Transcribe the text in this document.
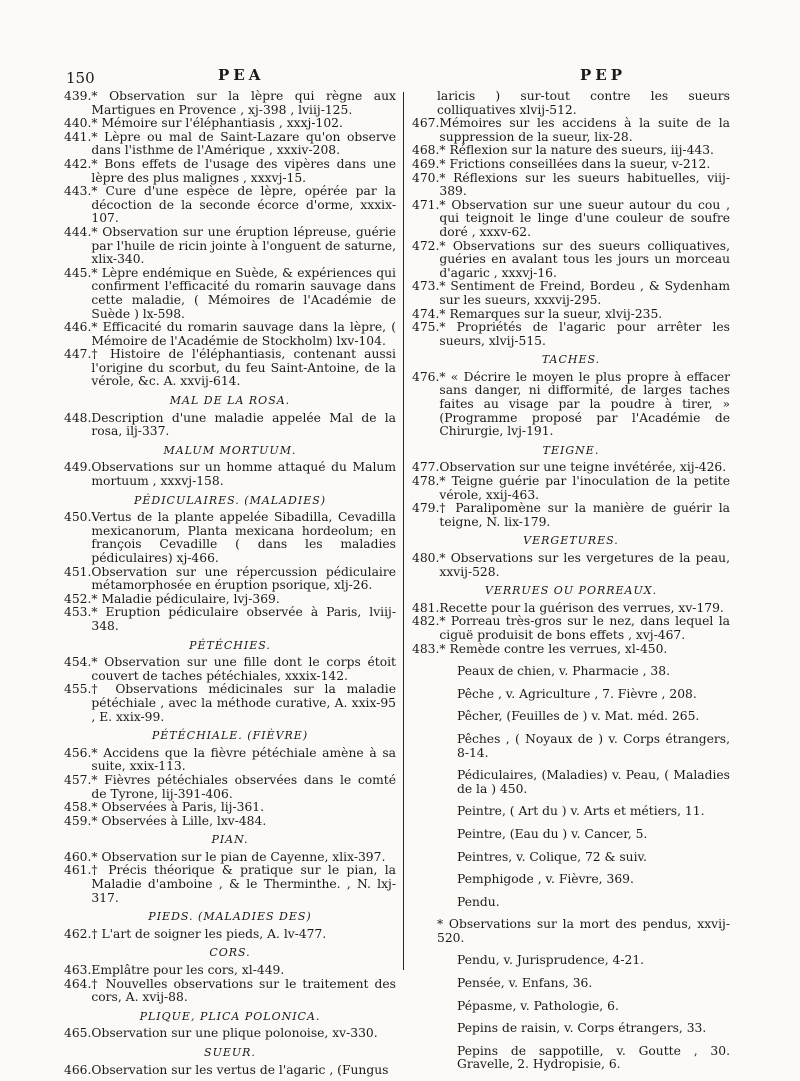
150	PEA	PEP
439. * Observation sur la lèpre qui règne aux Martigues en Provence , xj-398 , lviij-125.
440. * Mémoire sur l'éléphantiasis , xxxj-102.
441. * Lèpre ou mal de Saint-Lazare qu'on observe dans l'isthme de l'Amérique , xxxiv-208.
442. * Bons effets de l'usage des vipères dans une lèpre des plus malignes , xxxvj-15.
443. * Cure d'une espèce de lèpre, opérée par la décoction de la seconde écorce d'orme, xxxix-107.
444. * Observation sur une éruption lépreuse, guérie par l'huile de ricin jointe à l'onguent de saturne, xlix-340.
445. * Lèpre endémique en Suède, & expériences qui confirment l'efficacité du romarin sauvage dans cette maladie, ( Mémoires de l'Académie de Suède ) lx-598.
446. * Efficacité du romarin sauvage dans la lèpre, ( Mémoire de l'Académie de Stockholm) lxv-104.
447. † Histoire de l'éléphantiasis, contenant aussi l'origine du scorbut, du feu Saint-Antoine, de la vérole, &c. A. xxvij-614.
MAL DE LA ROSA.
448. Description d'une maladie appelée Mal de la rosa, ilj-337.
MALUM MORTUUM.
449. Observations sur un homme attaqué du Malum mortuum , xxxvj-158.
PÉDICULAIRES. (MALADIES)
450. Vertus de la plante appelée Sibadilla, Cevadilla mexicanorum, Planta mexicana hordeolum; en françois Cevadille ( dans les maladies pédiculaires) xj-466.
451. Observation sur une répercussion pédiculaire métamorphosée en éruption psorique, xlj-26.
452. * Maladie pédiculaire, lvj-369.
453. * Eruption pédiculaire observée à Paris, lviij-348.
PÉTÉCHIES.
454. * Observation sur une fille dont le corps étoit couvert de taches pétéchiales, xxxix-142.
455. † Observations médicinales sur la maladie pétéchiale , avec la méthode curative, A. xxix-95 , E. xxix-99.
PÉTÉCHIALE. (FIÈVRE)
456. * Accidens que la fièvre pétéchiale amène à sa suite, xxix-113.
457. * Fièvres pétéchiales observées dans le comté de Tyrone, lij-391-406.
458. * Observées à Paris, lij-361.
459. * Observées à Lille, lxv-484.
PIAN.
460. * Observation sur le pian de Cayenne, xlix-397.
461. † Précis théorique & pratique sur le pian, la Maladie d'amboine , & le Therminthe. , N. lxj-317.
PIEDS. (MALADIES DES)
462. † L'art de soigner les pieds, A. lv-477.
CORS.
463. Emplâtre pour les cors, xl-449.
464. † Nouvelles observations sur le traitement des cors, A. xvij-88.
PLIQUE, PLICA POLONICA.
465. Observation sur une plique polonoise, xv-330.
SUEUR.
466. Observation sur les vertus de l'agaric , (Fungus
laricis ) sur-tout contre les sueurs colliquatives xlvij-512.
467. Mémoires sur les accidens à la suite de la suppression de la sueur, lix-28.
468. * Réflexion sur la nature des sueurs, iij-443.
469. * Frictions conseillées dans la sueur, v-212.
470. * Réflexions sur les sueurs habituelles, viij-389.
471. * Observation sur une sueur autour du cou , qui teignoit le linge d'une couleur de soufre doré , xxxv-62.
472. * Observations sur des sueurs colliquatives, guéries en avalant tous les jours un morceau d'agaric , xxxvj-16.
473. * Sentiment de Freind, Bordeu , & Sydenham sur les sueurs, xxxvij-295.
474. * Remarques sur la sueur, xlvij-235.
475. * Propriétés de l'agaric pour arrêter les sueurs, xlvij-515.
TACHES.
476. * « Décrire le moyen le plus propre à effacer sans danger, ni difformité, de larges taches faites au visage par la poudre à tirer, » (Programme proposé par l'Académie de Chirurgie, lvj-191.
TEIGNE.
477. Observation sur une teigne invétérée, xij-426.
478. * Teigne guérie par l'inoculation de la petite vérole, xxij-463.
479. † Paralipomène sur la manière de guérir la teigne, N. lix-179.
VERGETURES.
480. * Observations sur les vergetures de la peau, xxvij-528.
VERRUES OU PORREAUX.
481. Recette pour la guérison des verrues, xv-179.
482. * Porreau très-gros sur le nez, dans lequel la ciguë produisit de bons effets , xvj-467.
483. * Remède contre les verrues, xl-450.
Peaux de chien, v. Pharmacie , 38.
Pêche , v. Agriculture , 7. Fièvre , 208.
Pêcher, (Feuilles de ) v. Mat. méd. 265.
Pêches , ( Noyaux de ) v. Corps étrangers, 8-14.
Pédiculaires, (Maladies) v. Peau, ( Maladies de la ) 450.
Peintre, ( Art du ) v. Arts et métiers, 11.
Peintre, (Eau du ) v. Cancer, 5.
Peintres, v. Colique, 72 & suiv.
Pemphigode , v. Fièvre, 369.
Pendu.
* Observations sur la mort des pendus, xxvij-520.
Pendu, v. Jurisprudence, 4-21.
Pensée, v. Enfans, 36.
Pépasme, v. Pathologie, 6.
Pepins de raisin, v. Corps étrangers, 33.
Pepins de sappotille, v. Goutte , 30. Gravelle, 2. Hydropisie, 6.
